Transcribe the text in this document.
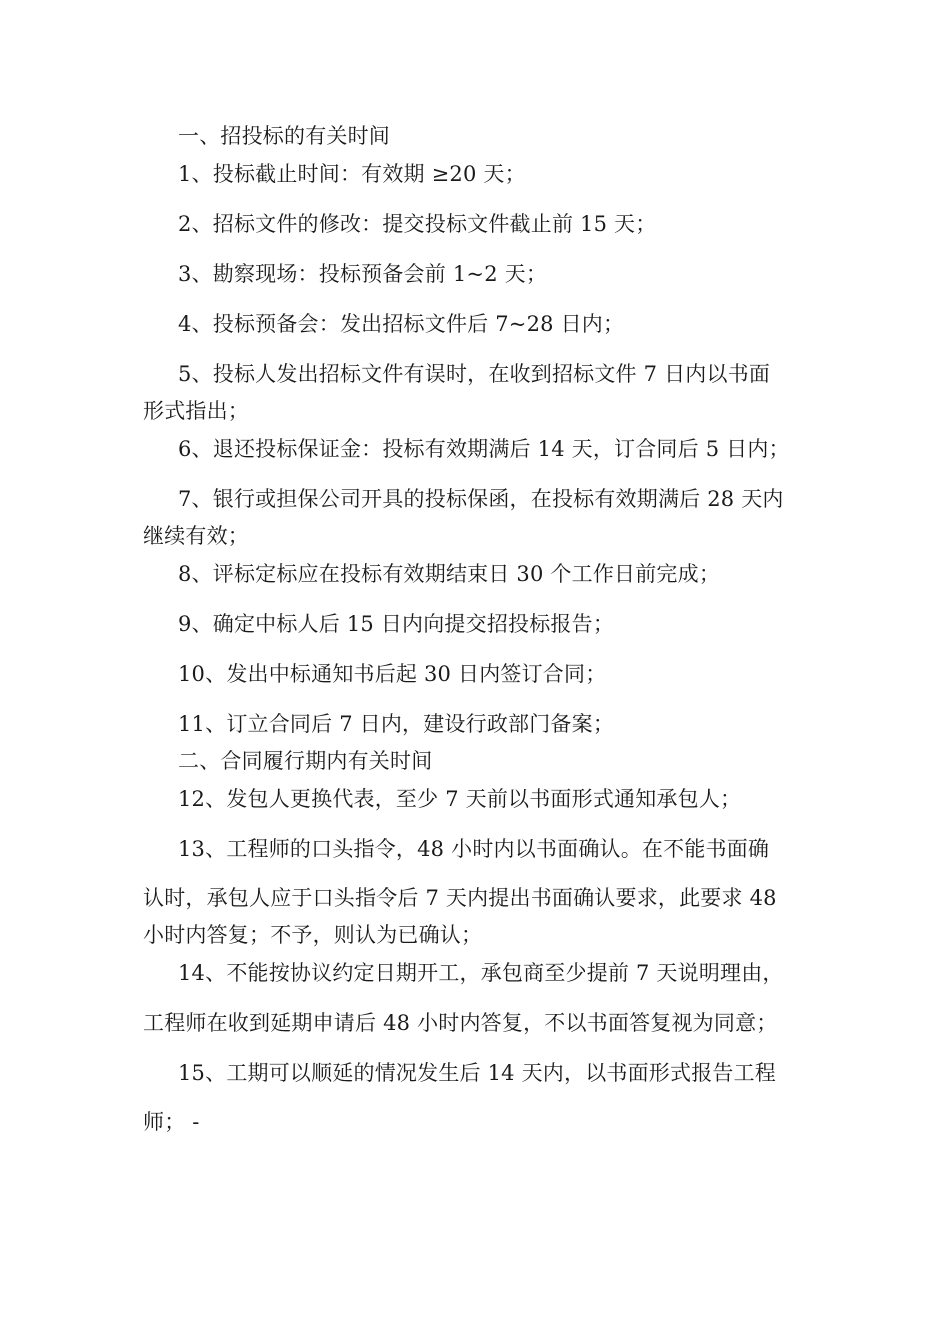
一、招投标的有关时间
1、投标截止时间：有效期 ≥20 天；
2、招标文件的修改：提交投标文件截止前 15 天；
3、勘察现场：投标预备会前 1~2 天；
4、投标预备会：发出招标文件后 7~28 日内；
5、投标人发出招标文件有误时，在收到招标文件 7 日内以书面
形式指出；
6、退还投标保证金：投标有效期满后 14 天，订合同后 5 日内；
7、银行或担保公司开具的投标保函，在投标有效期满后 28 天内
继续有效；
8、评标定标应在投标有效期结束日 30 个工作日前完成；
9、确定中标人后 15 日内向提交招投标报告；
10、发出中标通知书后起 30 日内签订合同；
11、订立合同后 7 日内，建设行政部门备案；
二、合同履行期内有关时间
12、发包人更换代表，至少 7 天前以书面形式通知承包人；
13、工程师的口头指令，48 小时内以书面确认。在不能书面确
认时，承包人应于口头指令后 7 天内提出书面确认要求，此要求 48
小时内答复；不予，则认为已确认；
14、不能按协议约定日期开工，承包商至少提前 7 天说明理由，
工程师在收到延期申请后 48 小时内答复，不以书面答复视为同意；
15、工期可以顺延的情况发生后 14 天内，以书面形式报告工程
师； -
